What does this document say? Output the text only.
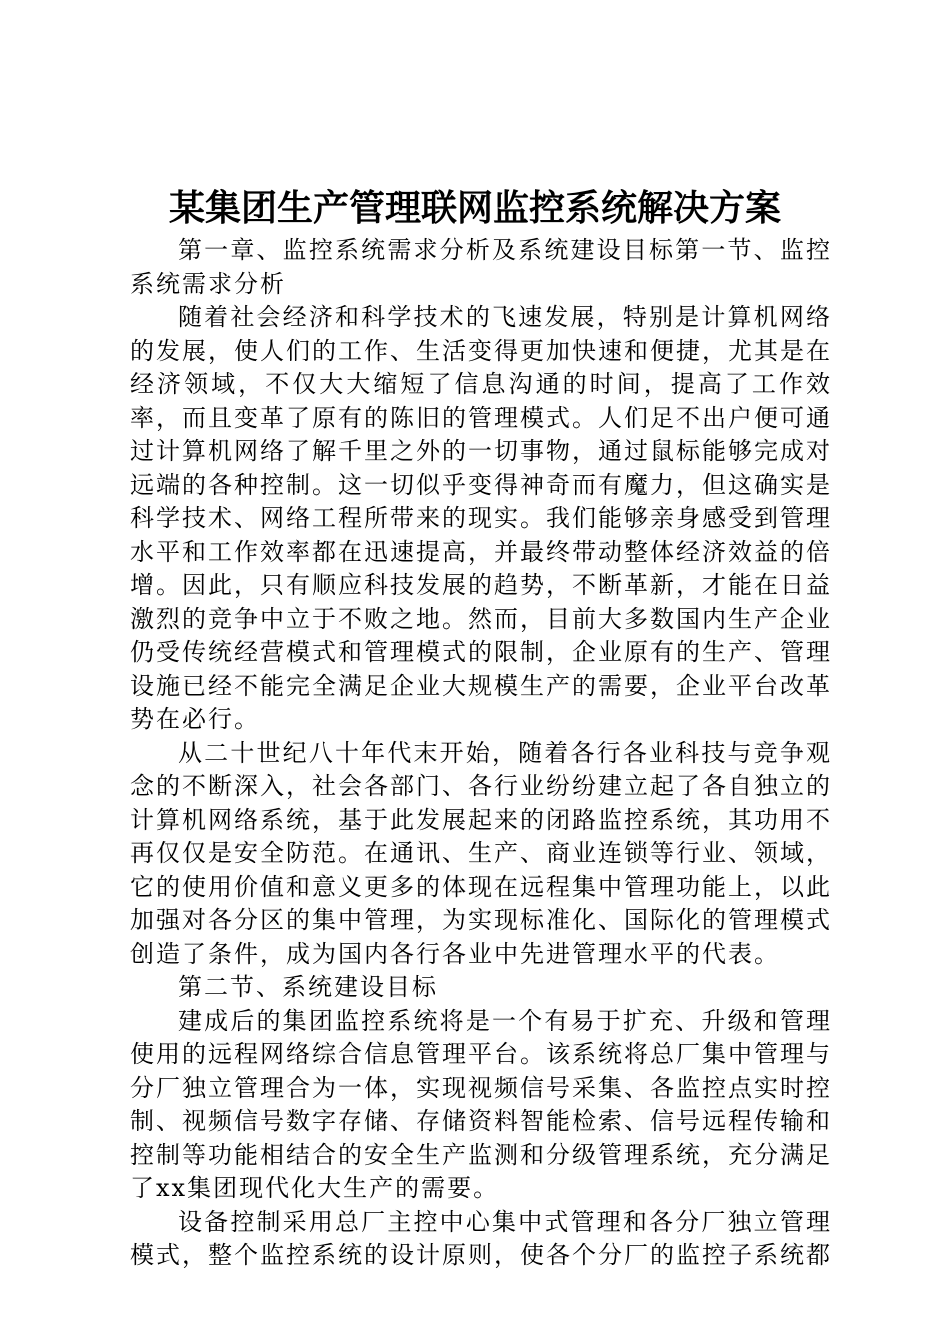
某集团生产管理联网监控系统解决方案

第一章、监控系统需求分析及系统建设目标第一节、监控系统需求分析

随着社会经济和科学技术的飞速发展，特别是计算机网络的发展，使人们的工作、生活变得更加快速和便捷，尤其是在经济领域，不仅大大缩短了信息沟通的时间，提高了工作效率，而且变革了原有的陈旧的管理模式。人们足不出户便可通过计算机网络了解千里之外的一切事物，通过鼠标能够完成对远端的各种控制。这一切似乎变得神奇而有魔力，但这确实是科学技术、网络工程所带来的现实。我们能够亲身感受到管理水平和工作效率都在迅速提高，并最终带动整体经济效益的倍增。因此，只有顺应科技发展的趋势，不断革新，才能在日益激烈的竞争中立于不败之地。然而，目前大多数国内生产企业仍受传统经营模式和管理模式的限制，企业原有的生产、管理设施已经不能完全满足企业大规模生产的需要，企业平台改革势在必行。

从二十世纪八十年代末开始，随着各行各业科技与竞争观念的不断深入，社会各部门、各行业纷纷建立起了各自独立的计算机网络系统，基于此发展起来的闭路监控系统，其功用不再仅仅是安全防范。在通讯、生产、商业连锁等行业、领域，它的使用价值和意义更多的体现在远程集中管理功能上，以此加强对各分区的集中管理，为实现标准化、国际化的管理模式创造了条件，成为国内各行各业中先进管理水平的代表。

第二节、系统建设目标

建成后的集团监控系统将是一个有易于扩充、升级和管理使用的远程网络综合信息管理平台。该系统将总厂集中管理与分厂独立管理合为一体，实现视频信号采集、各监控点实时控制、视频信号数字存储、存储资料智能检索、信号远程传输和控制等功能相结合的安全生产监测和分级管理系统，充分满足了xx集团现代化大生产的需要。

设备控制采用总厂主控中心集中式管理和各分厂独立管理模式，整个监控系统的设计原则，使各个分厂的监控子系统都
